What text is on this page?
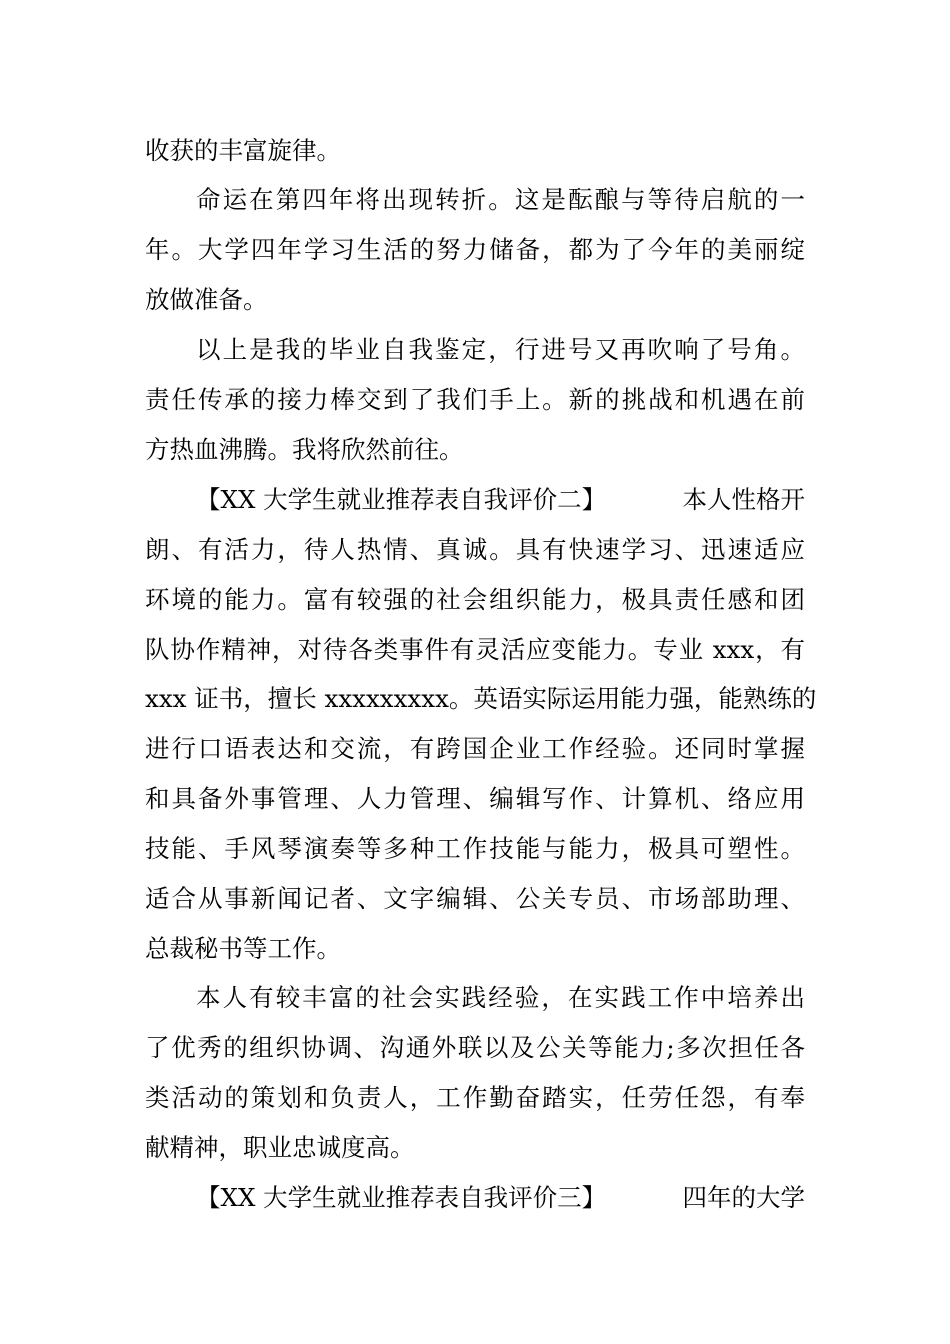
收获的丰富旋律。
命运在第四年将出现转折。这是酝酿与等待启航的一
年。大学四年学习生活的努力储备，都为了今年的美丽绽
放做准备。
以上是我的毕业自我鉴定，行进号又再吹响了号角。
责任传承的接力棒交到了我们手上。新的挑战和机遇在前
方热血沸腾。我将欣然前往。
【XX 大学生就业推荐表自我评价二】	本人性格开
朗、有活力，待人热情、真诚。具有快速学习、迅速适应
环境的能力。富有较强的社会组织能力，极具责任感和团
队协作精神，对待各类事件有灵活应变能力。专业 xxx，有
xxx 证书，擅长 xxxxxxxxx。英语实际运用能力强，能熟练的
进行口语表达和交流，有跨国企业工作经验。还同时掌握
和具备外事管理、人力管理、编辑写作、计算机、络应用
技能、手风琴演奏等多种工作技能与能力，极具可塑性。
适合从事新闻记者、文字编辑、公关专员、市场部助理、
总裁秘书等工作。
本人有较丰富的社会实践经验，在实践工作中培养出
了优秀的组织协调、沟通外联以及公关等能力;多次担任各
类活动的策划和负责人，工作勤奋踏实，任劳任怨，有奉
献精神，职业忠诚度高。
【XX 大学生就业推荐表自我评价三】	四年的大学
